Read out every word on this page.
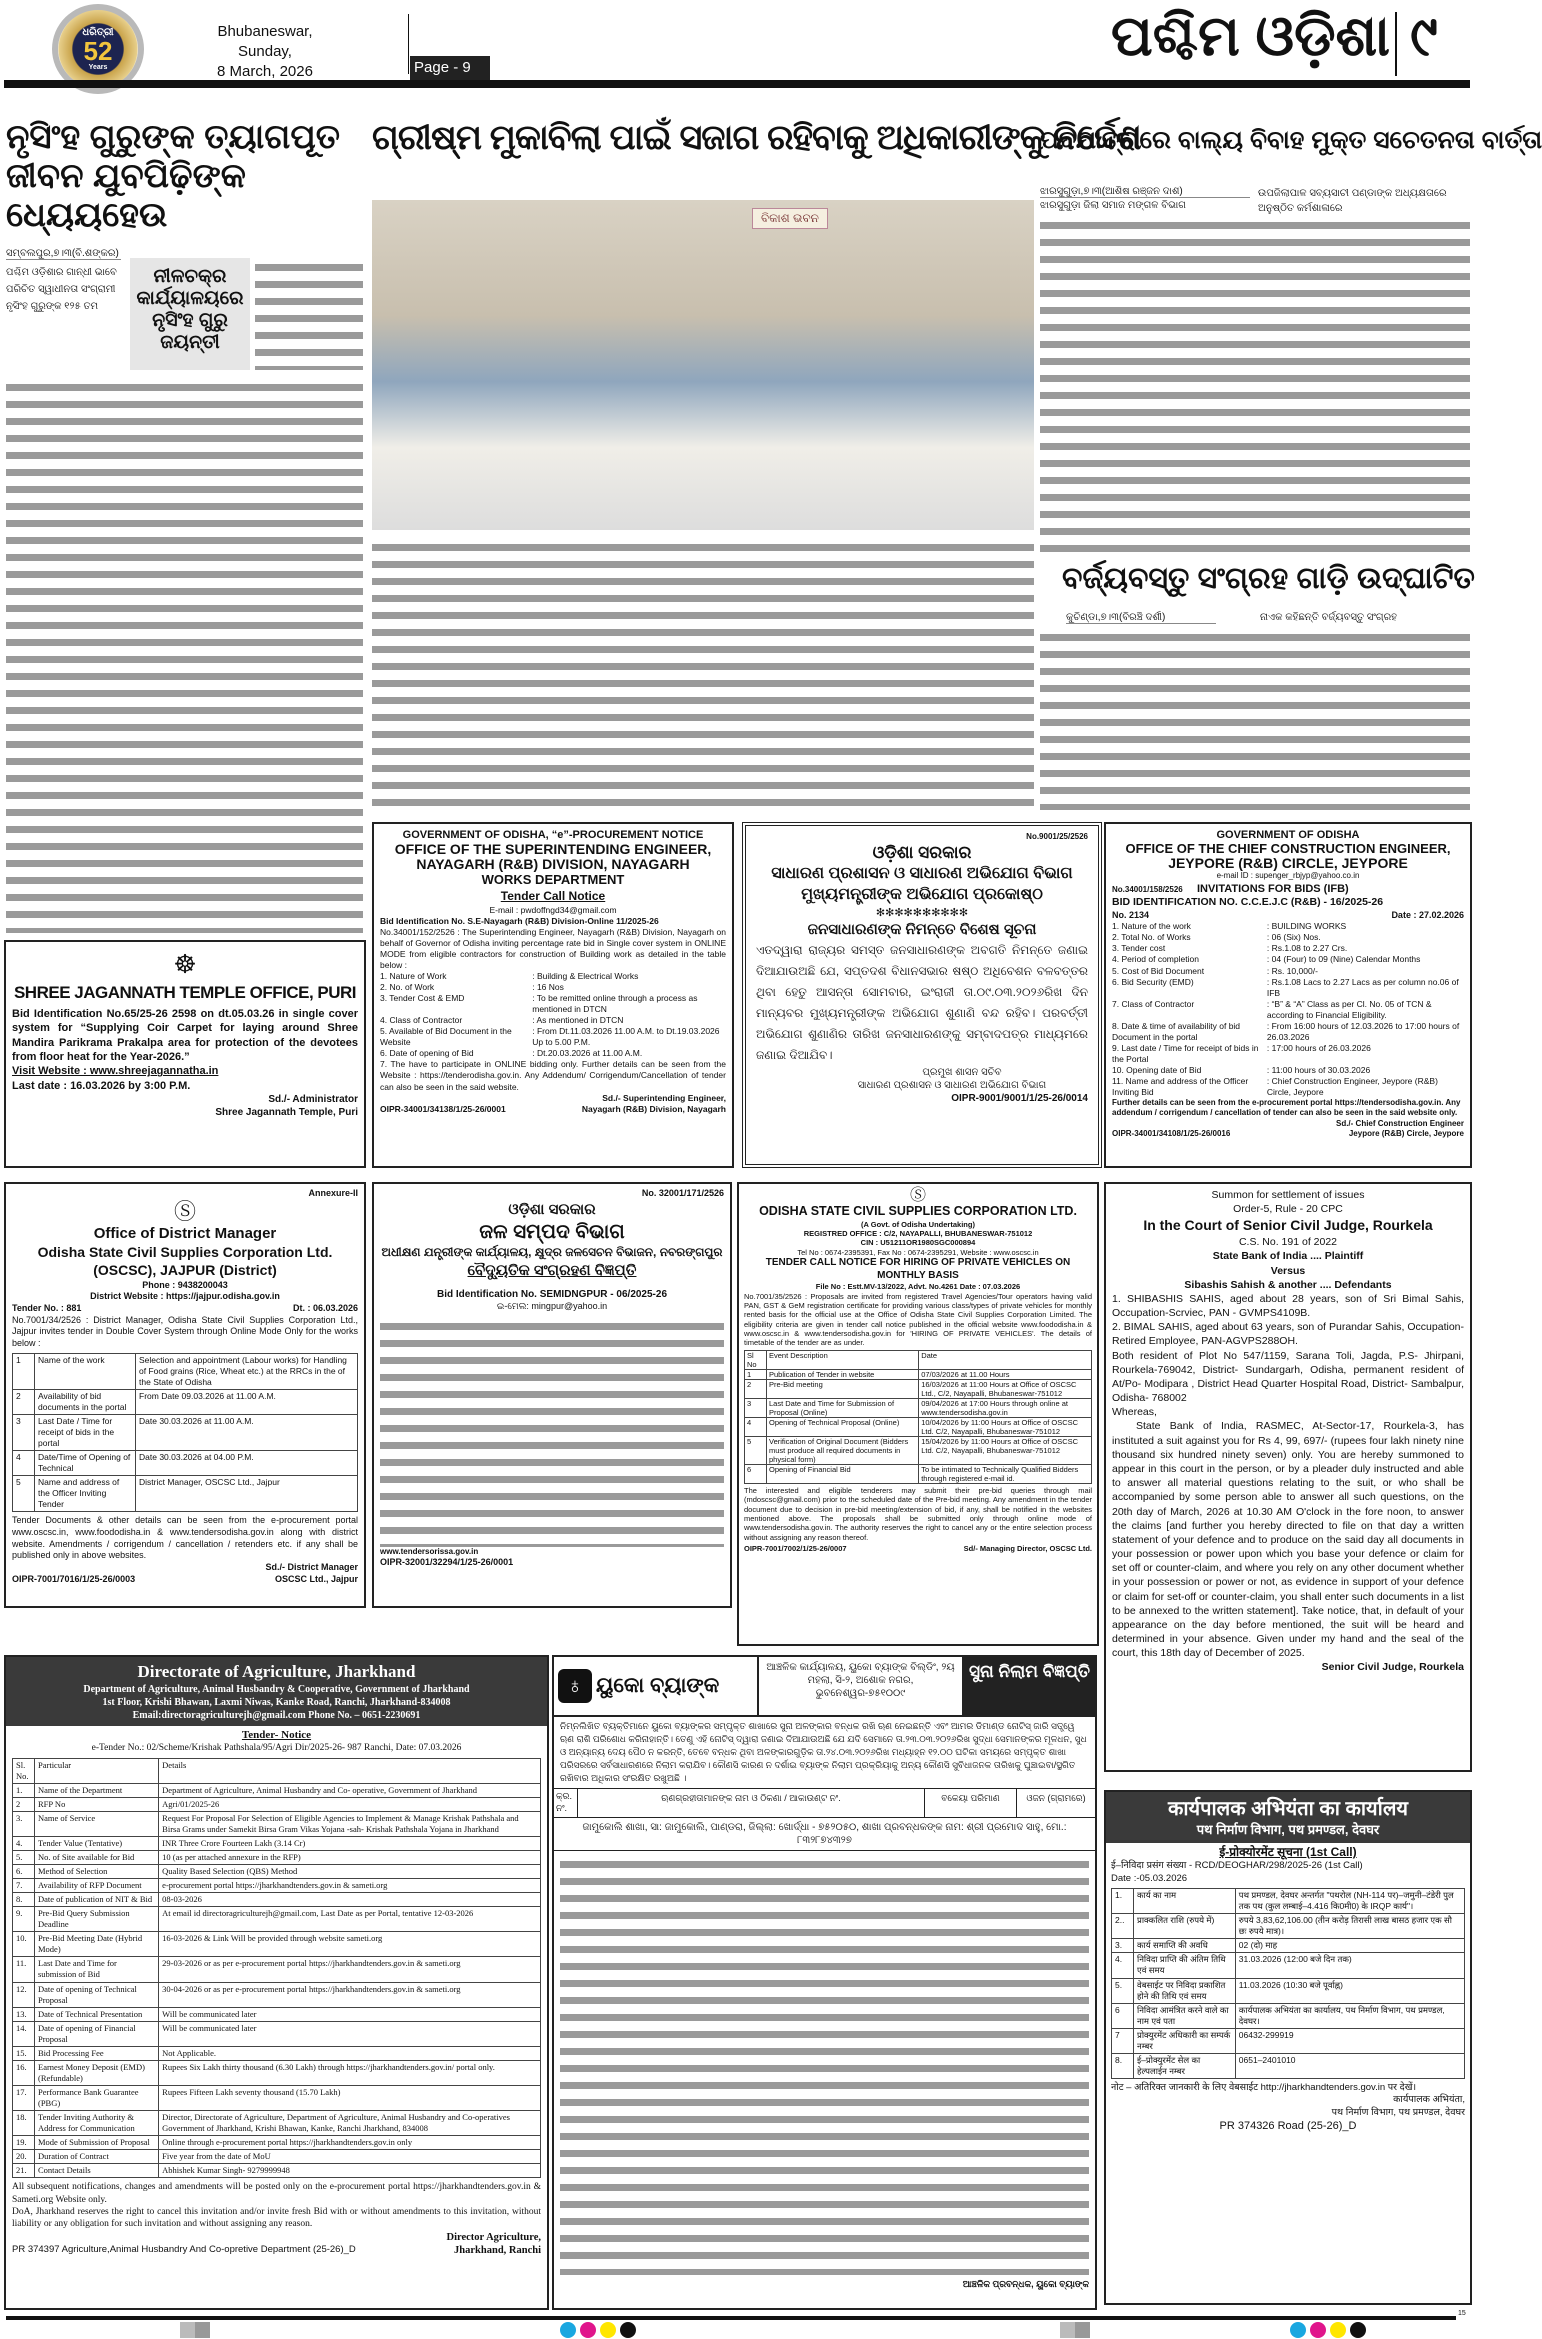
ଧରିତ୍ରୀ
52
Years
Bhubaneswar, Sunday,
8 March, 2026	Page - 9
ପଶ୍ଚିମ ଓଡ଼ିଶା ୯
ନୃସିଂହ ଗୁରୁଙ୍କ ତ୍ୟାଗପୂତ ଜୀବନ ଯୁବପିଢ଼ିଙ୍କ ଧ୍ୟେୟହେଉ
ସମ୍ବଲପୁର,୭।୩(ବି.ଶଙ୍କର)
ପଶ୍ଚିମ ଓଡ଼ିଶାର ଗାନ୍ଧୀ ଭାବେ ପରିଚିତ ସ୍ୱାଧୀନତା ସଂଗ୍ରାମୀ ନୃସିଂହ ଗୁରୁଙ୍କ ୧୨୫ ତମ
ନୀଳଚକ୍ର କାର୍ଯ୍ୟାଳୟରେ ନୃସିଂହ ଗୁରୁ ଜୟନ୍ତୀ
ଗ୍ରୀଷ୍ମ ମୁକାବିଲା ପାଇଁ ସଜାଗ ରହିବାକୁ ଅଧିକାରୀଙ୍କୁ ନିର୍ଦ୍ଦେଶ
ବିକାଶ ଭବନ
ପଦଯାତ୍ରାରେ ବାଲ୍ୟ ବିବାହ ମୁକ୍ତ ସଚେତନତା ବାର୍ତ୍ତା
ଝାରସୁଗୁଡ଼ା,୭।୩(ଆଶିଷ ରଞ୍ଜନ ଦାଶ)
ଝାରସୁଗୁଡ଼ା ଜିଲା ସମାଜ ମଙ୍ଗଳ ବିଭାଗ
ଉପଜିଲାପାଳ ସବ୍ୟସାଚୀ ପଣ୍ଡାଙ୍କ ଅଧ୍ୟକ୍ଷତାରେ ଅନୁଷ୍ଠିତ କର୍ମଶାଳାରେ
ବର୍ଜ୍ୟବସ୍ତୁ ସଂଗ୍ରହ ଗାଡ଼ି ଉଦ୍‌ଘାଟିତ
କୁଚିଣ୍ଡା,୭।୩(ବିରଞ୍ଚି ଦର୍ଶୀ)	ନାଏକ କହିଛନ୍ତି ବର୍ଜ୍ୟବସ୍ତୁ ସଂଗ୍ରହ
☸
SHREE JAGANNATH TEMPLE OFFICE, PURI
Bid Identification No.65/25-26 2598 on dt.05.03.26 in single cover system for “Supplying Coir Carpet for laying around Shree Mandira Parikrama Prakalpa area for protection of the devotees from floor heat for the Year-2026.”
Visit Website : www.shreejagannatha.in
Last date : 16.03.2026 by 3:00 P.M.
Sd./- Administrator
Shree Jagannath Temple, Puri
GOVERNMENT OF ODISHA, “e”-PROCUREMENT NOTICE
OFFICE OF THE SUPERINTENDING ENGINEER,
NAYAGARH (R&B) DIVISION, NAYAGARH
WORKS DEPARTMENT
Tender Call Notice
E-mail : pwdoffngd34@gmail.com
Bid Identification No. S.E-Nayagarh (R&B) Division-Online 11/2025-26
No.34001/152/2526 : The Superintending Engineer, Nayagarh (R&B) Division, Nayagarh on behalf of Governor of Odisha inviting percentage rate bid in Single cover system in ONLINE MODE from eligible contractors for construction of Building work as detailed in the table below :
1. Nature of Work	: Building & Electrical Works
2. No. of Work	: 16 Nos
3. Tender Cost & EMD	: To be remitted online through a process as mentioned in DTCN
4. Class of Contractor	: As mentioned in DTCN
5. Available of Bid Document in the Website
: From Dt.11.03.2026 11.00 A.M. to Dt.19.03.2026 Up to 5.00 P.M.
6. Date of opening of Bid	: Dt.20.03.2026 at 11.00 A.M.
7. The have to participate in ONLINE bidding only. Further details can be seen from the Website : https://tenderodisha.gov.in. Any Addendum/ Corrigendum/Cancellation of tender can also be seen in the said website.
Sd./- Superintending Engineer,
OIPR-34001/34138/1/25-26/0001	Nayagarh (R&B) Division, Nayagarh
No.9001/25/2526
ଓଡ଼ିଶା ସରକାର
ସାଧାରଣ ପ୍ରଶାସନ ଓ ସାଧାରଣ ଅଭିଯୋଗ ବିଭାଗ
ମୁଖ୍ୟମନ୍ତ୍ରୀଙ୍କ ଅଭିଯୋଗ ପ୍ରକୋଷ୍ଠ
✻✻✻✻✻✻✻✻✻✻
ଜନସାଧାରଣଙ୍କ ନିମନ୍ତେ ବିଶେଷ ସୂଚନା
ଏତଦ୍ୱାରା ରାଜ୍ୟର ସମସ୍ତ ଜନସାଧାରଣଙ୍କ ଅବଗତି ନିମନ୍ତେ ଜଣାଇ ଦିଆଯାଉଅଛି ଯେ, ସପ୍ତଦଶ ବିଧାନସଭାର ଷଷ୍ଠ ଅଧିବେଶନ ବଳବତ୍ତର ଥିବା ହେତୁ ଆସନ୍ତା ସୋମବାର, ଇଂରାଜୀ ତା.୦୯.୦୩.୨୦୨୬ରିଖ ଦିନ ମାନ୍ୟବର ମୁଖ୍ୟମନ୍ତ୍ରୀଙ୍କ ଅଭିଯୋଗ ଶୁଣାଣି ବନ୍ଦ ରହିବ। ପରବର୍ତ୍ତୀ ଅଭିଯୋଗ ଶୁଣାଣିର ତାରିଖ ଜନସାଧାରଣଙ୍କୁ ସମ୍ବାଦପତ୍ର ମାଧ୍ୟମରେ ଜଣାଇ ଦିଆଯିବ।
ପ୍ରମୁଖ ଶାସନ ସଚିବ
ସାଧାରଣ ପ୍ରଶାସନ ଓ ସାଧାରଣ ଅଭିଯୋଗ ବିଭାଗ
OIPR-9001/9001/1/25-26/0014
GOVERNMENT OF ODISHA
OFFICE OF THE CHIEF CONSTRUCTION ENGINEER,
JEYPORE (R&B) CIRCLE, JEYPORE
e-mail ID : supenger_rbjyp@yahoo.co.in
No.34001/158/2526 INVITATIONS FOR BIDS (IFB)
BID IDENTIFICATION NO. C.C.E.J.C (R&B) - 16/2025-26
No. 2134	Date : 27.02.2026
1. Nature of the work	: BUILDING WORKS
2. Total No. of Works	: 06 (Six) Nos.
3. Tender cost	: Rs.1.08 to 2.27 Crs.
4. Period of completion	: 04 (Four) to 09 (Nine) Calendar Months
5. Cost of Bid Document	: Rs. 10,000/-
6. Bid Security (EMD)	: Rs.1.08 Lacs to 2.27 Lacs as per column no.06 of IFB
7. Class of Contractor	: “B” & “A” Class as per Cl. No. 05 of TCN & according to Financial Eligibility.
8. Date & time of availability of bid Document in the portal
: From 16:00 hours of 12.03.2026 to 17:00 hours of 26.03.2026
9. Last date / Time for receipt of bids in the Portal
: 17:00 hours of 26.03.2026
10. Opening date of Bid	: 11:00 hours of 30.03.2026
11. Name and address of the Officer Inviting Bid
: Chief Construction Engineer, Jeypore (R&B) Circle, Jeypore
Further details can be seen from the e-procurement portal https://tendersodisha.gov.in. Any addendum / corrigendum / cancellation of tender can also be seen in the said website only.
Sd./- Chief Construction Engineer
OIPR-34001/34108/1/25-26/0016	Jeypore (R&B) Circle, Jeypore
Annexure-II
Ⓢ
Office of District Manager
Odisha State Civil Supplies Corporation Ltd.
(OSCSC), JAJPUR (District)
Phone : 9438200043
District Website : https://jajpur.odisha.gov.in
Tender No. : 881	Dt. : 06.03.2026
No.7001/34/2526 : District Manager, Odisha State Civil Supplies Corporation Ltd., Jajpur invites tender in Double Cover System through Online Mode Only for the works below :
1	Name of the work	Selection and appointment (Labour works) for Handling of Food grains (Rice, Wheat etc.) at the RRCs in the of the State of Odisha
2	Availability of bid documents in the portal	From Date 09.03.2026 at 11.00 A.M.
3	Last Date / Time for receipt of bids in the portal	Date 30.03.2026 at 11.00 A.M.
4	Date/Time of Opening of Technical	Date 30.03.2026 at 04.00 P.M.
5	Name and address of the Officer Inviting Tender	District Manager, OSCSC Ltd., Jajpur
Tender Documents & other details can be seen from the e-procurement portal www.oscsc.in, www.foododisha.in & www.tendersodisha.gov.in along with district website. Amendments / corrigendum / cancellation / retenders etc. if any shall be published only in above websites.
Sd./- District Manager
OIPR-7001/7016/1/25-26/0003	OSCSC Ltd., Jajpur
No. 32001/171/2526
ଓଡ଼ିଶା ସରକାର
ଜଳ ସମ୍ପଦ ବିଭାଗ
ଅଧୀକ୍ଷଣ ଯନ୍ତ୍ରୀଙ୍କ କାର୍ଯ୍ୟାଳୟ, କ୍ଷୁଦ୍ର ଜଳସେଚନ ବିଭାଜନ, ନବରଙ୍ଗପୁର
ବୈଦ୍ୟୁତିକ ସଂଗ୍ରହଣ ବିଜ୍ଞପ୍ତି
Bid Identification No. SEMIDNGPUR - 06/2025-26
ଇ-ମେଲ: mingpur@yahoo.in
www.tendersorissa.gov.in
OIPR-32001/32294/1/25-26/0001
Ⓢ
ODISHA STATE CIVIL SUPPLIES CORPORATION LTD.
(A Govt. of Odisha Undertaking)
REGISTRED OFFICE : C/2, NAYAPALLI, BHUBANESWAR-751012
CIN : U51211OR1980SGC000894
Tel No : 0674-2395391, Fax No : 0674-2395291, Website : www.oscsc.in
TENDER CALL NOTICE FOR HIRING OF PRIVATE VEHICLES ON MONTHLY BASIS
File No : Estt.MV-13/2022, Advt. No.4261 Date : 07.03.2026
No.7001/35/2526 : Proposals are invited from registered Travel Agencies/Tour operators having valid PAN, GST & GeM registration certificate for providing various class/types of private vehicles for monthly rented basis for the official use at the Office of Odisha State Civil Supplies Corporation Limited. The eligibility criteria are given in tender call notice published in the official website www.foododisha.in & www.oscsc.in & www.tendersodisha.gov.in for 'HIRING OF PRIVATE VEHICLES'. The details of timetable of the tender are as under.
Sl No	Event Description	Date
1	Publication of Tender in website	07/03/2026 at 11.00 Hours
2	Pre-Bid meeting	16/03/2026 at 11:00 Hours at Office of OSCSC Ltd., C/2, Nayapalli, Bhubaneswar-751012
3	Last Date and Time for Submission of Proposal (Online)	09/04/2026 at 17:00 Hours through online at www.tendersodisha.gov.in
4	Opening of Technical Proposal (Online)	10/04/2026 by 11:00 Hours at Office of OSCSC Ltd. C/2, Nayapalli, Bhubaneswar-751012
5	Verification of Original Document (Bidders must produce all required documents in physical form)	15/04/2026 by 11:00 Hours at Office of OSCSC Ltd. C/2, Nayapalli, Bhubaneswar-751012
6	Opening of Financial Bid	To be intimated to Technically Qualified Bidders through registered e-mail id.
The interested and eligible tenderers may submit their pre-bid queries through mail (mdoscsc@gmail.com) prior to the scheduled date of the Pre-bid meeting. Any amendment in the tender document due to decision in pre-bid meeting/extension of bid, if any, shall be notified in the websites mentioned above. The proposals shall be submitted only through online mode of www.tendersodisha.gov.in. The authority reserves the right to cancel any or the entire selection process without assigning any reason thereof.
OIPR-7001/7002/1/25-26/0007	Sd/- Managing Director, OSCSC Ltd.
Summon for settlement of issues
Order-5, Rule - 20 CPC
In the Court of Senior Civil Judge, Rourkela
C.S. No. 191 of 2022
State Bank of India .... Plaintiff
Versus
Sibashis Sahish & another .... Defendants
1. SHIBASHIS SAHIS, aged about 28 years, son of Sri Bimal Sahis, Occupation-Scrviec, PAN - GVMPS4109B.
2. BIMAL SAHIS, aged about 63 years, son of Purandar Sahis, Occupation- Retired Employee, PAN-AGVPS288OH.
Both resident of Plot No 547/1159, Sarana Toli, Jagda, P.S- Jhirpani, Rourkela-769042, District- Sundargarh, Odisha, permanent resident of At/Po- Modipara , District Head Quarter Hospital Road, District- Sambalpur, Odisha- 768002
Whereas,
State Bank of India, RASMEC, At-Sector-17, Rourkela-3, has instituted a suit against you for Rs 4, 99, 697/- (rupees four lakh ninety nine thousand six hundred ninety seven) only. You are hereby summoned to appear in this court in the person, or by a pleader duly instructed and able to answer all material questions relating to the suit, or who shall be accompanied by some person able to answer all such questions, on the 20th day of March, 2026 at 10.30 AM O'clock in the fore noon, to answer the claims [and further you hereby directed to file on that day a written statement of your defence and to produce on the said day all documents in your possession or power upon which you base your defence or claim for set off or counter-claim, and where you rely on any other document whether in your possession or power or not, as evidence in support of your defence or claim for set-off or counter-claim, you shall enter such documents in a list to be annexed to the written statement]. Take notice, that, in default of your appearance on the day before mentioned, the suit will be heard and determined in your absence. Given under my hand and the seal of the court, this 18th day of December of 2025.
Senior Civil Judge, Rourkela
Directorate of Agriculture, Jharkhand
Department of Agriculture, Animal Husbandry & Cooperative, Government of Jharkhand
1st Floor, Krishi Bhawan, Laxmi Niwas, Kanke Road, Ranchi, Jharkhand-834008
Email:directoragriculturejh@gmail.com Phone No. – 0651-2230691
Tender- Notice
e-Tender No.: 02/Scheme/Krishak Pathshala/95/Agri Dir/2025-26- 987 Ranchi, Date: 07.03.2026
Sl. No.	Particular	Details
1.	Name of the Department	Department of Agriculture, Animal Husbandry and Co- operative, Government of Jharkhand
2	RFP No	Agri/01/2025-26
3.	Name of Service	Request For Proposal For Selection of Eligible Agencies to Implement & Manage Krishak Pathshala and Birsa Grams under Samekit Birsa Gram Vikas Yojana -sah- Krishak Pathshala Yojana in Jharkhand
4.	Tender Value (Tentative)	INR Three Crore Fourteen Lakh (3.14 Cr)
5.	No. of Site available for Bid	10 (as per attached annexure in the RFP)
6.	Method of Selection	Quality Based Selection (QBS) Method
7.	Availability of RFP Document	e-procurement portal https://jharkhandtenders.gov.in & sameti.org
8.	Date of publication of NIT & Bid	08-03-2026
9.	Pre-Bid Query Submission Deadline	At email id directoragriculturejh@gmail.com, Last Date as per Portal, tentative 12-03-2026
10.	Pre-Bid Meeting Date (Hybrid Mode)	16-03-2026 & Link Will be provided through website sameti.org
11.	Last Date and Time for submission of Bid	29-03-2026 or as per e-procurement portal https://jharkhandtenders.gov.in & sameti.org
12.	Date of opening of Technical Proposal	30-04-2026 or as per e-procurement portal https://jharkhandtenders.gov.in & sameti.org
13.	Date of Technical Presentation	Will be communicated later
14.	Date of opening of Financial Proposal	Will be communicated later
15.	Bid Processing Fee	Not Applicable.
16.	Earnest Money Deposit (EMD) (Refundable)	Rupees Six Lakh thirty thousand (6.30 Lakh) through https://jharkhandtenders.gov.in/ portal only.
17.	Performance Bank Guarantee (PBG)	Rupees Fifteen Lakh seventy thousand (15.70 Lakh)
18.	Tender Inviting Authority & Address for Communication	Director, Directorate of Agriculture, Department of Agriculture, Animal Husbandry and Co-operatives Government of Jharkhand, Krishi Bhawan, Kanke, Ranchi Jharkhand, 834008
19.	Mode of Submission of Proposal	Online through e-procurement portal https://jharkhandtenders.gov.in only
20.	Duration of Contract	Five year from the date of MoU
21.	Contact Details	Abhishek Kumar Singh- 9279999948
All subsequent notifications, changes and amendments will be posted only on the e-procurement portal https://jharkhandtenders.gov.in & Sameti.org Website only.
DoA, Jharkhand reserves the right to cancel this invitation and/or invite fresh Bid with or without amendments to this invitation, without liability or any obligation for such invitation and without assigning any reason.
Director Agriculture,
PR 374397 Agriculture,Animal Husbandry And Co-opretive Department (25-26)_D	Jharkhand, Ranchi
♁ ୟୁକୋ ବ୍ୟାଙ୍କ
ଆଞ୍ଚଳିକ କାର୍ଯ୍ୟାଳୟ, ୟୁକୋ ବ୍ୟାଙ୍କ ବିଲ୍ଡିଂ, ୨ୟ ମହଲା, ସି-୨, ଅଶୋକ ନଗର, ଭୁବନେଶ୍ୱର-୭୫୧୦୦୯
ସୁନା ନିଲାମ ବିଜ୍ଞପ୍ତି
ନିମ୍ନଲିଖିତ ବ୍ୟକ୍ତିମାନେ ୟୁକୋ ବ୍ୟାଙ୍କର ସମ୍ପୃକ୍ତ ଶାଖାରେ ସୁନା ଅଳଙ୍କାର ବନ୍ଧକ ରଖି ଋଣ ନେଇଛନ୍ତି ଏବଂ ଆମର ଡିମାଣ୍ଡ ନୋଟିସ୍ ଜାରି ସତ୍ତ୍ୱେ ଋଣ ରାଶି ପରିଶୋଧ କରିନାହାନ୍ତି। ତେଣୁ ଏହି ନୋଟିସ୍ ଦ୍ୱାରା ଜଣାଇ ଦିଆଯାଉଅଛି ଯେ ଯଦି ସେମାନେ ତା.୨୩.୦୩.୨୦୨୬ରିଖ ସୁଦ୍ଧା ସେମାନଙ୍କର ମୂଳଧନ, ସୁଧ ଓ ଅନ୍ୟାନ୍ୟ ଦେୟ ପୈଠ ନ କରନ୍ତି, ତେବେ ବନ୍ଧକ ଥିବା ଅଳଙ୍କାରଗୁଡ଼ିକ ତା.୨୪.୦୩.୨୦୨୬ରିଖ ମଧ୍ୟାହ୍ନ ୧୨.୦୦ ଘଟିକା ସମୟରେ ସମ୍ପୃକ୍ତ ଶାଖା ପରିସରରେ ସର୍ବସାଧାରଣରେ ନିଲାମ କରାଯିବ। କୌଣସି କାରଣ ନ ଦର୍ଶାଇ ବ୍ୟାଙ୍କ ନିଲାମ ପ୍ରକ୍ରିୟାକୁ ଅନ୍ୟ କୌଣସି ସୁବିଧାଜନକ ତାରିଖକୁ ଘୁଞ୍ଚାଇବା/ସ୍ଥଗିତ ରଖିବାର ଅଧିକାର ସଂରକ୍ଷିତ ରଖୁଅଛି ।
କ୍ର. ନଂ.
ଋଣଗ୍ରହୀତାମାନଙ୍କ ନାମ ଓ ଠିକଣା / ଆକାଉଣ୍ଟ ନଂ.	ବକେୟା ପରିମାଣ	ଓଜନ (ଗ୍ରାମରେ)
ଜାମୁକୋଲି ଶାଖା, ସା: ଜାମୁକୋଲି, ପାଣ୍ଡରା, ଜିଲ୍ଲା: ଖୋର୍ଦ୍ଧା - ୭୫୨୦୫୦, ଶାଖା ପ୍ରବନ୍ଧକଙ୍କ ନାମ: ଶ୍ରୀ ପ୍ରମୋଦ ସାହୁ, ମୋ.: ୮୩୨୮୭୪୩୨୭
ଆଞ୍ଚଳିକ ପ୍ରବନ୍ଧକ, ୟୁକୋ ବ୍ୟାଙ୍କ
कार्यपालक अभियंता का कार्यालय
पथ निर्माण विभाग, पथ प्रमण्डल, देवघर
ई-प्रोक्योरमेंट सूचना (1st Call)
ई–निविदा प्रसंग संख्या - RCD/DEOGHAR/298/2025-26 (1st Call)
Date :-05.03.2026
1.	कार्य का नाम	पथ प्रमण्डल, देवघर अन्तर्गत "पथरोल (NH-114 पर)–जमुनी–टंडेरी पुल तक पथ (कुल लम्बाई–4.416 कि0मी0) के IRQP कार्य"।
2..	प्राक्कलित राशि (रुपये में)	रुपये 3,83,62,106.00 (तीन करोड़ तिरासी लाख बासठ हजार एक सौ छः रुपये मात्र)।
3.	कार्य समाप्ति की अवधि	02 (दो) माह
4.	निविदा प्राप्ति की अंतिम तिथि एवं समय	31.03.2026 (12:00 बजे दिन तक)
5.	वेबसाईट पर निविदा प्रकाशित होने की तिथि एवं समय	11.03.2026 (10:30 बजे पूर्वाह्न)
6	निविदा आमंत्रित करने वाले का नाम एवं पता	कार्यपालक अभियंता का कार्यालय, पथ निर्माण विभाग, पथ प्रमण्डल, देवघर।
7	प्रोक्युरमेंट अधिकारी का सम्पर्क नम्बर	06432-299919
8.	ई–प्रोक्युरमेंट सेल का हेल्पलाईन नम्बर	0651–2401010
नोट – अतिरिक्त जानकारी के लिए वेबसाईट http://jharkhandtenders.gov.in पर देखें।
कार्यपालक अभियंता,
पथ निर्माण विभाग, पथ प्रमण्डल, देवघर
PR 374326 Road (25-26)_D
15
